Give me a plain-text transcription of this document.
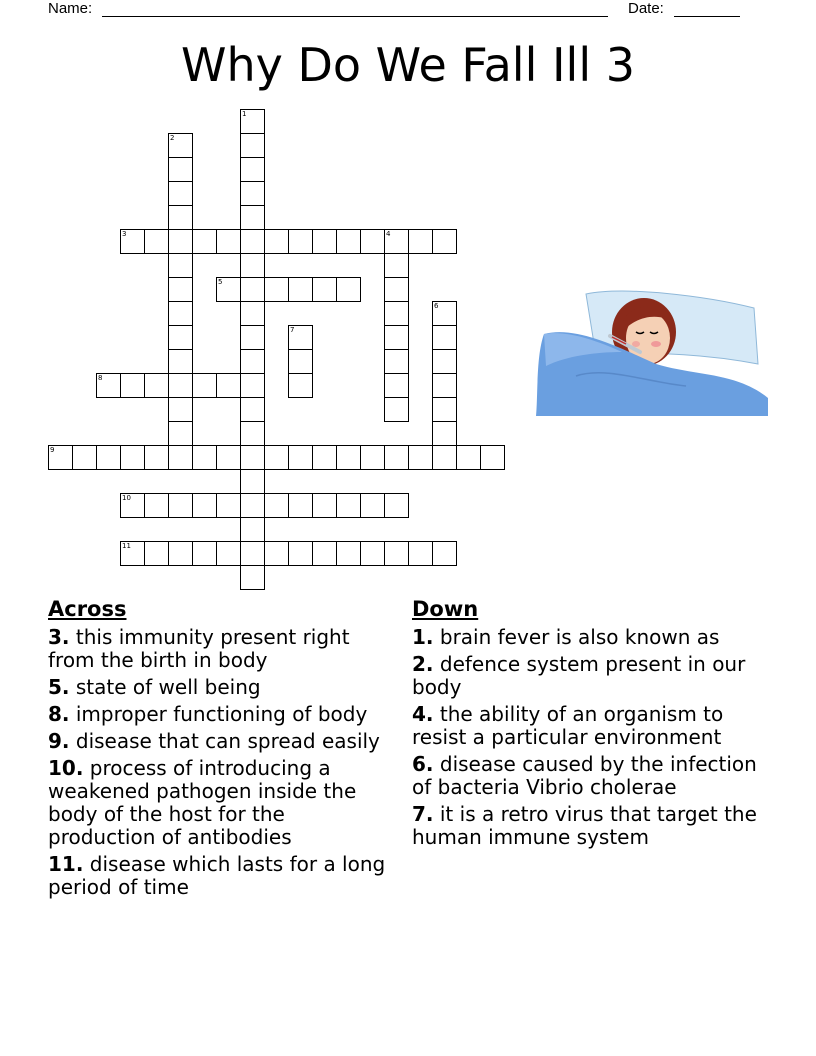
Name:	Date:
Why Do We Fall Ill 3
1
2
3	4
5
6
7
8
9
10
11
Across
3. this immunity present right from the birth in body
5. state of well being
8. improper functioning of body
9. disease that can spread easily
10. process of introducing a weakened pathogen inside the body of the host for the production of antibodies
11. disease which lasts for a long period of time
Down
1. brain fever is also known as
2. defence system present in our body
4. the ability of an organism to resist a particular environment
6. disease caused by the infection of bacteria Vibrio cholerae
7. it is a retro virus that target the human immune system
